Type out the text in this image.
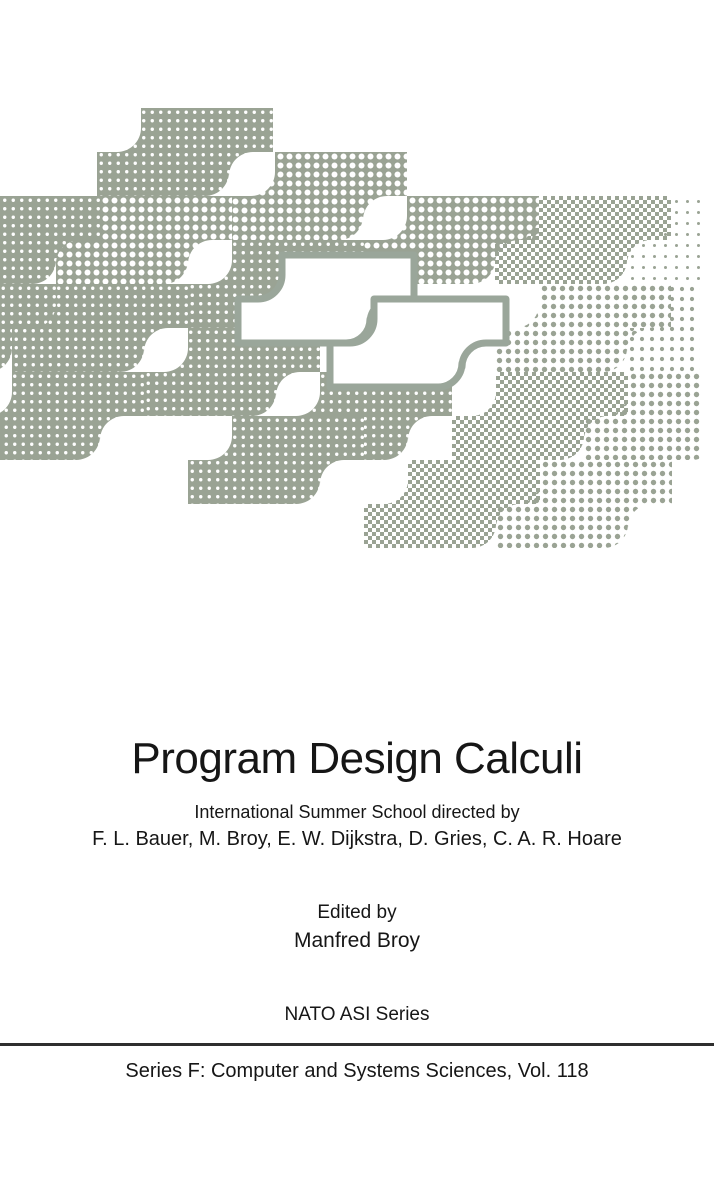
Program Design Calculi
International Summer School directed by
F. L. Bauer, M. Broy, E. W. Dijkstra, D. Gries, C. A. R. Hoare
Edited by
Manfred Broy
NATO ASI Series
Series F: Computer and Systems Sciences, Vol. 118
